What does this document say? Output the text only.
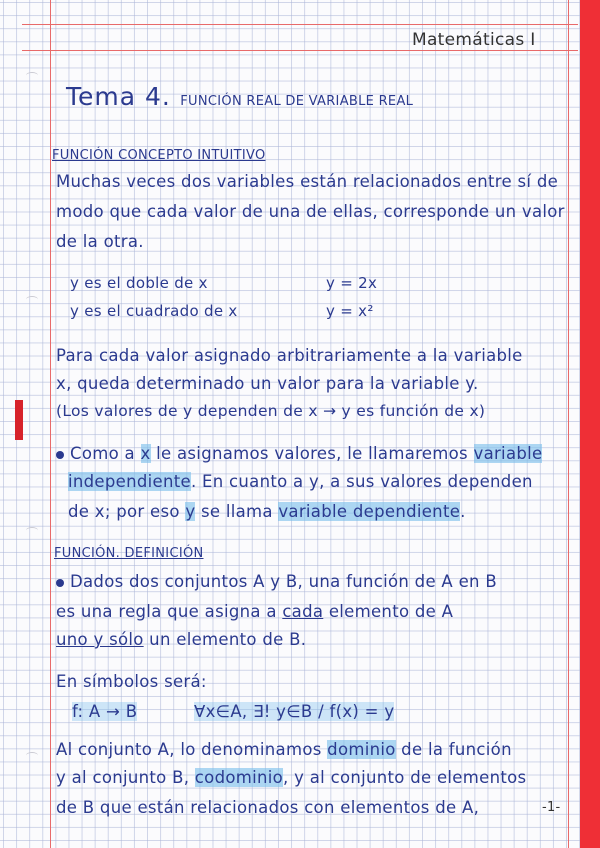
Matemáticas I
Tema 4. FUNCIÓN REAL DE VARIABLE REAL
FUNCIÓN CONCEPTO INTUITIVO
Muchas veces dos variables están relacionados entre sí de
modo que cada valor de una de ellas, corresponde un valor
de la otra.
y es el doble de x	y = 2x
y es el cuadrado de x	y = x²
Para cada valor asignado arbitrariamente a la variable
x, queda determinado un valor para la variable y.
(Los valores de y dependen de x → y es función de x)
Como a x le asignamos valores, le llamaremos variable
independiente. En cuanto a y, a sus valores dependen
de x; por eso y se llama variable dependiente.
FUNCIÓN. DEFINICIÓN
Dados dos conjuntos A y B, una función de A en B
es una regla que asigna a cada elemento de A
uno y sólo un elemento de B.
En símbolos será:
f: A → B	∀x∈A, ∃! y∈B / f(x) = y
Al conjunto A, lo denominamos dominio de la función
y al conjunto B, codominio, y al conjunto de elementos
de B que están relacionados con elementos de A,	-1-
